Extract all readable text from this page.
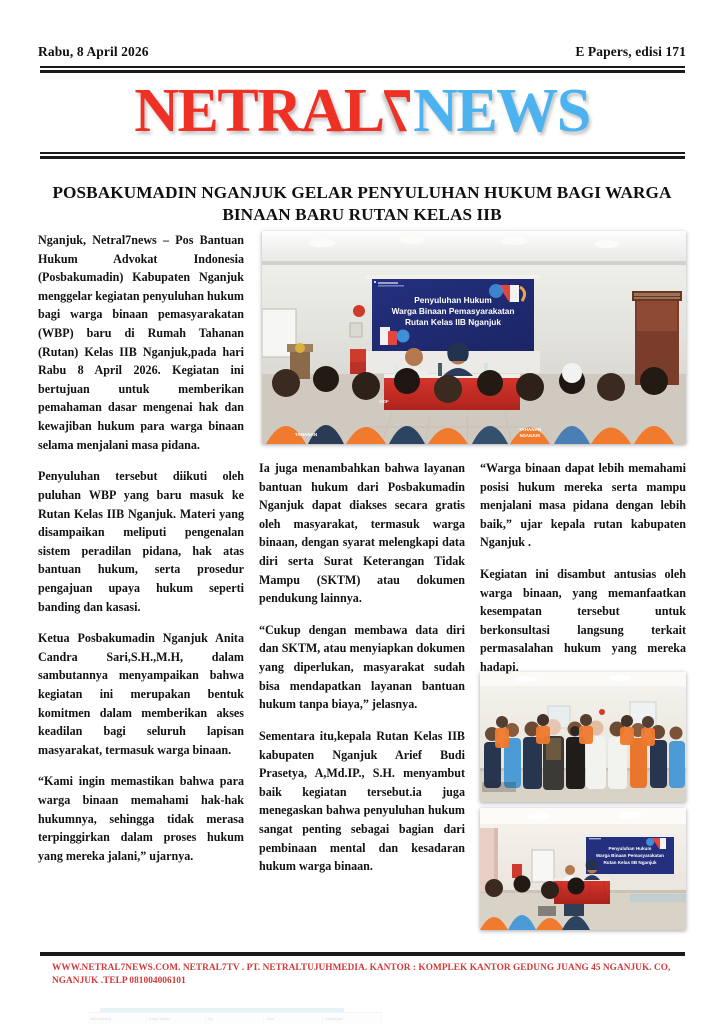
Rabu, 8 April 2026	E Papers, edisi 171
NETRAL7NEWS
POSBAKUMADIN NGANJUK GELAR PENYULUHAN HUKUM BAGI WARGA BINAAN BARU RUTAN KELAS IIB
Penyuluhan Hukum
Warga Binaan Pemasyarakatan
Rutan Kelas IIB Nganjuk
TAHANAN
TAHANAN
NGANJUK
HDF
Penyuluhan Hukum
Warga Binaan Pemasyarakatan
Rutan Kelas IIB Nganjuk

Nganjuk, Netral7news – Pos Bantuan Hukum Advokat Indonesia (Posbakumadin) Kabupaten Nganjuk menggelar kegiatan penyuluhan hukum bagi warga binaan pemasyarakatan (WBP) baru di Rumah Tahanan (Rutan) Kelas IIB Nganjuk,pada hari Rabu 8 April 2026. Kegiatan ini bertujuan untuk memberikan pemahaman dasar mengenai hak dan kewajiban hukum para warga binaan selama menjalani masa pidana.

Penyuluhan tersebut diikuti oleh puluhan WBP yang baru masuk ke Rutan Kelas IIB Nganjuk. Materi yang disampaikan meliputi pengenalan sistem peradilan pidana, hak atas bantuan hukum, serta prosedur pengajuan upaya hukum seperti banding dan kasasi.

Ketua Posbakumadin Nganjuk Anita Candra Sari,S.H.,M.H, dalam sambutannya menyampaikan bahwa kegiatan ini merupakan bentuk komitmen dalam memberikan akses keadilan bagi seluruh lapisan masyarakat, termasuk warga binaan.

“Kami ingin memastikan bahwa para warga binaan memahami hak-hak hukumnya, sehingga tidak merasa terpinggirkan dalam proses hukum yang mereka jalani,” ujarnya.

Ia juga menambahkan bahwa layanan bantuan hukum dari Posbakumadin Nganjuk dapat diakses secara gratis oleh masyarakat, termasuk warga binaan, dengan syarat melengkapi data diri serta Surat Keterangan Tidak Mampu (SKTM) atau dokumen pendukung lainnya.

“Cukup dengan membawa data diri dan SKTM, atau menyiapkan dokumen yang diperlukan, masyarakat sudah bisa mendapatkan layanan bantuan hukum tanpa biaya,” jelasnya.

Sementara itu,kepala Rutan Kelas IIB kabupaten Nganjuk Arief Budi Prasetya, A,Md.IP., S.H. menyambut baik kegiatan tersebut.ia juga menegaskan bahwa penyuluhan hukum sangat penting sebagai bagian dari pembinaan mental dan kesadaran hukum warga binaan.

“Warga binaan dapat lebih memahami posisi hukum mereka serta mampu menjalani masa pidana dengan lebih baik,” ujar kepala rutan kabupaten Nganjuk .

Kegiatan ini disambut antusias oleh warga binaan, yang memanfaatkan kesempatan tersebut untuk berkonsultasi langsung terkait permasalahan hukum yang mereka hadapi.

WWW.NETRAL7NEWS.COM. NETRAL7TV . PT. NETRALTUJUHMEDIA. KANTOR : KOMPLEK KANTOR GEDUNG JUANG 45 NGANJUK. CO, NGANJUK .TELP 081004006101
Nama Barang	Harga Satuan	Qty	Total	Keterangan
